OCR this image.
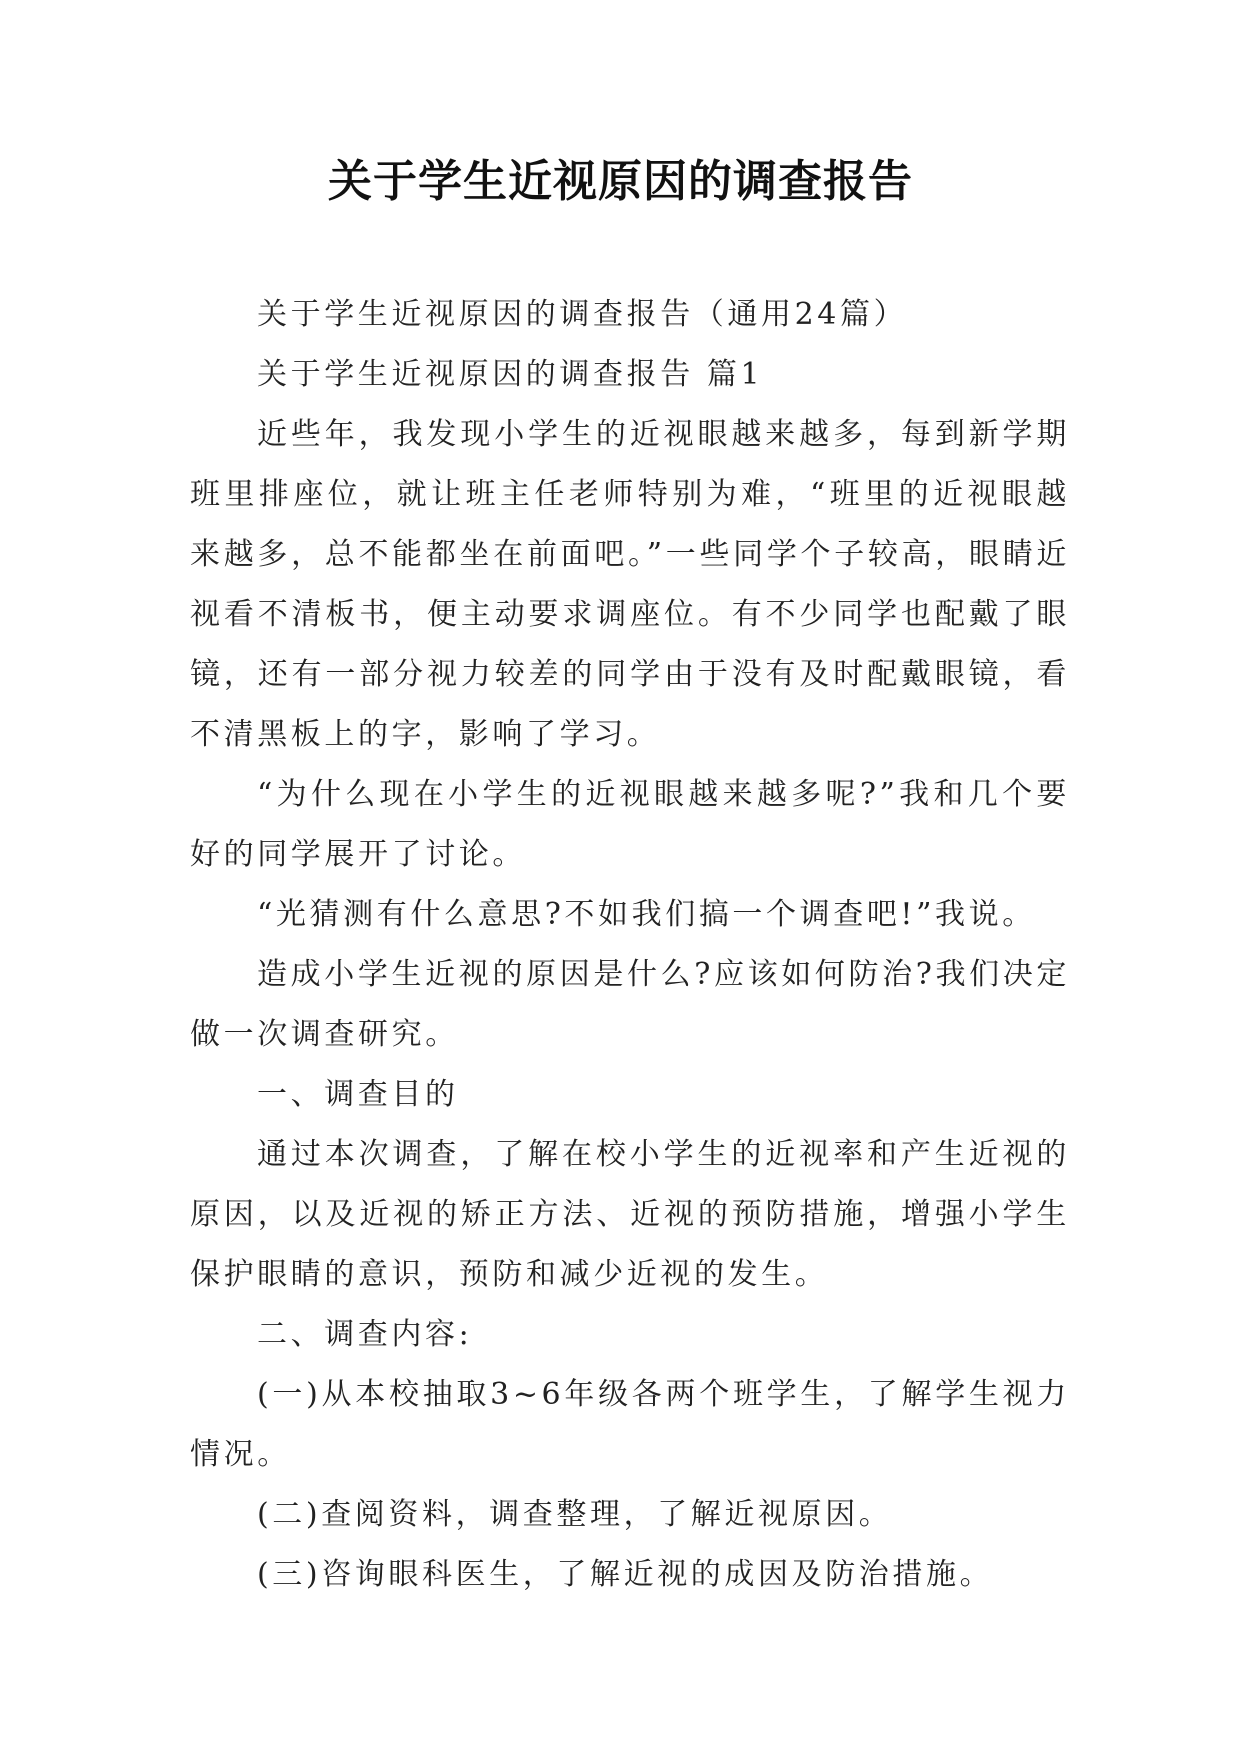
关于学生近视原因的调查报告

关于学生近视原因的调查报告（通用24篇）

关于学生近视原因的调查报告 篇1

近些年，我发现小学生的近视眼越来越多，每到新学期班里排座位，就让班主任老师特别为难，“班里的近视眼越来越多，总不能都坐在前面吧。”一些同学个子较高，眼睛近视看不清板书，便主动要求调座位。有不少同学也配戴了眼镜，还有一部分视力较差的同学由于没有及时配戴眼镜，看不清黑板上的字，影响了学习。

“为什么现在小学生的近视眼越来越多呢?”我和几个要好的同学展开了讨论。

“光猜测有什么意思?不如我们搞一个调查吧!”我说。

造成小学生近视的原因是什么?应该如何防治?我们决定做一次调查研究。

一、调查目的

通过本次调查，了解在校小学生的近视率和产生近视的原因，以及近视的矫正方法、近视的预防措施，增强小学生保护眼睛的意识，预防和减少近视的发生。

二、调查内容:

(一)从本校抽取3~6年级各两个班学生，了解学生视力情况。

(二)查阅资料，调查整理，了解近视原因。

(三)咨询眼科医生，了解近视的成因及防治措施。
